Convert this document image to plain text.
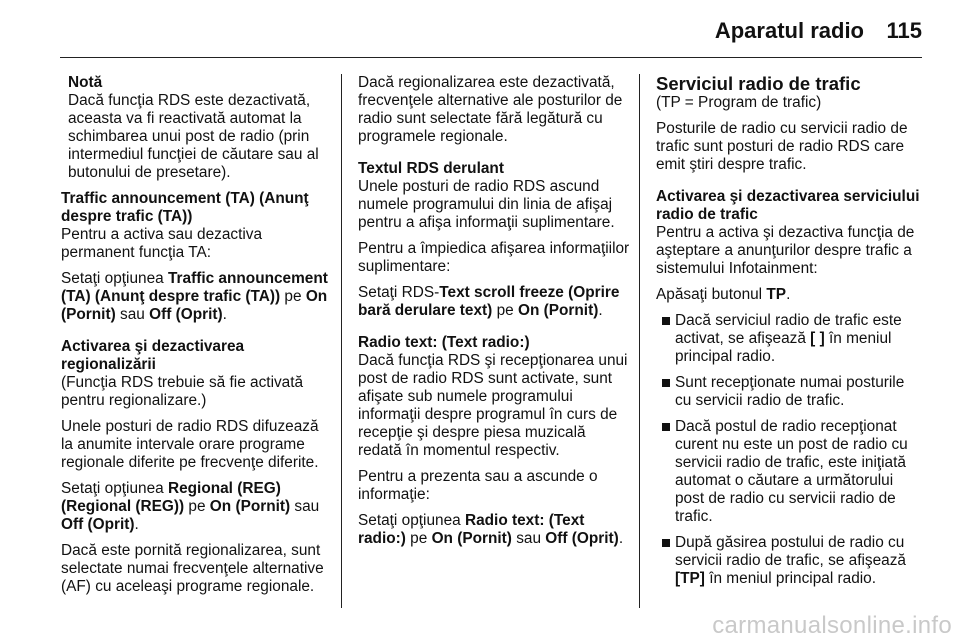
Aparatul radio 115
Notă

Dacă funcţia RDS este dezactivată, aceasta va fi reactivată automat la schimbarea unui post de radio (prin intermediul funcţiei de căutare sau al butonului de presetare).

Traffic announcement (TA) (Anunţ despre trafic (TA))

Pentru a activa sau dezactiva permanent funcţia TA:

Setaţi opţiunea Traffic announcement (TA) (Anunţ despre trafic (TA)) pe On (Pornit) sau Off (Oprit).

Activarea şi dezactivarea regionalizării

(Funcţia RDS trebuie să fie activată pentru regionalizare.)

Unele posturi de radio RDS difuzează la anumite intervale orare programe regionale diferite pe frecvenţe diferite.

Setaţi opţiunea Regional (REG) (Regional (REG)) pe On (Pornit) sau Off (Oprit).

Dacă este pornită regionalizarea, sunt selectate numai frecvenţele alternative (AF) cu aceleaşi programe regionale.

Dacă regionalizarea este dezactivată, frecvenţele alternative ale posturilor de radio sunt selectate fără legătură cu programele regionale.

Textul RDS derulant

Unele posturi de radio RDS ascund numele programului din linia de afişaj pentru a afişa informaţii suplimentare.

Pentru a împiedica afişarea informaţiilor suplimentare:

Setaţi RDS-Text scroll freeze (Oprire bară derulare text) pe On (Pornit).

Radio text: (Text radio:)

Dacă funcţia RDS şi recepţionarea unui post de radio RDS sunt activate, sunt afişate sub numele programului informaţii despre programul în curs de recepţie şi despre piesa muzicală redată în momentul respectiv.

Pentru a prezenta sau a ascunde o informaţie:

Setaţi opţiunea Radio text: (Text radio:) pe On (Pornit) sau Off (Oprit).

Serviciul radio de trafic

(TP = Program de trafic)

Posturile de radio cu servicii radio de trafic sunt posturi de radio RDS care emit ştiri despre trafic.

Activarea şi dezactivarea serviciului radio de trafic

Pentru a activa şi dezactiva funcţia de aşteptare a anunţurilor despre trafic a sistemului Infotainment:

Apăsaţi butonul TP.

Dacă serviciul radio de trafic este activat, se afişează [ ] în meniul principal radio.
Sunt recepţionate numai posturile cu servicii radio de trafic.
Dacă postul de radio recepţionat curent nu este un post de radio cu servicii radio de trafic, este iniţiată automat o căutare a următorului post de radio cu servicii radio de trafic.
După găsirea postului de radio cu servicii radio de trafic, se afişează [TP] în meniul principal radio.
carmanualsonline.info
